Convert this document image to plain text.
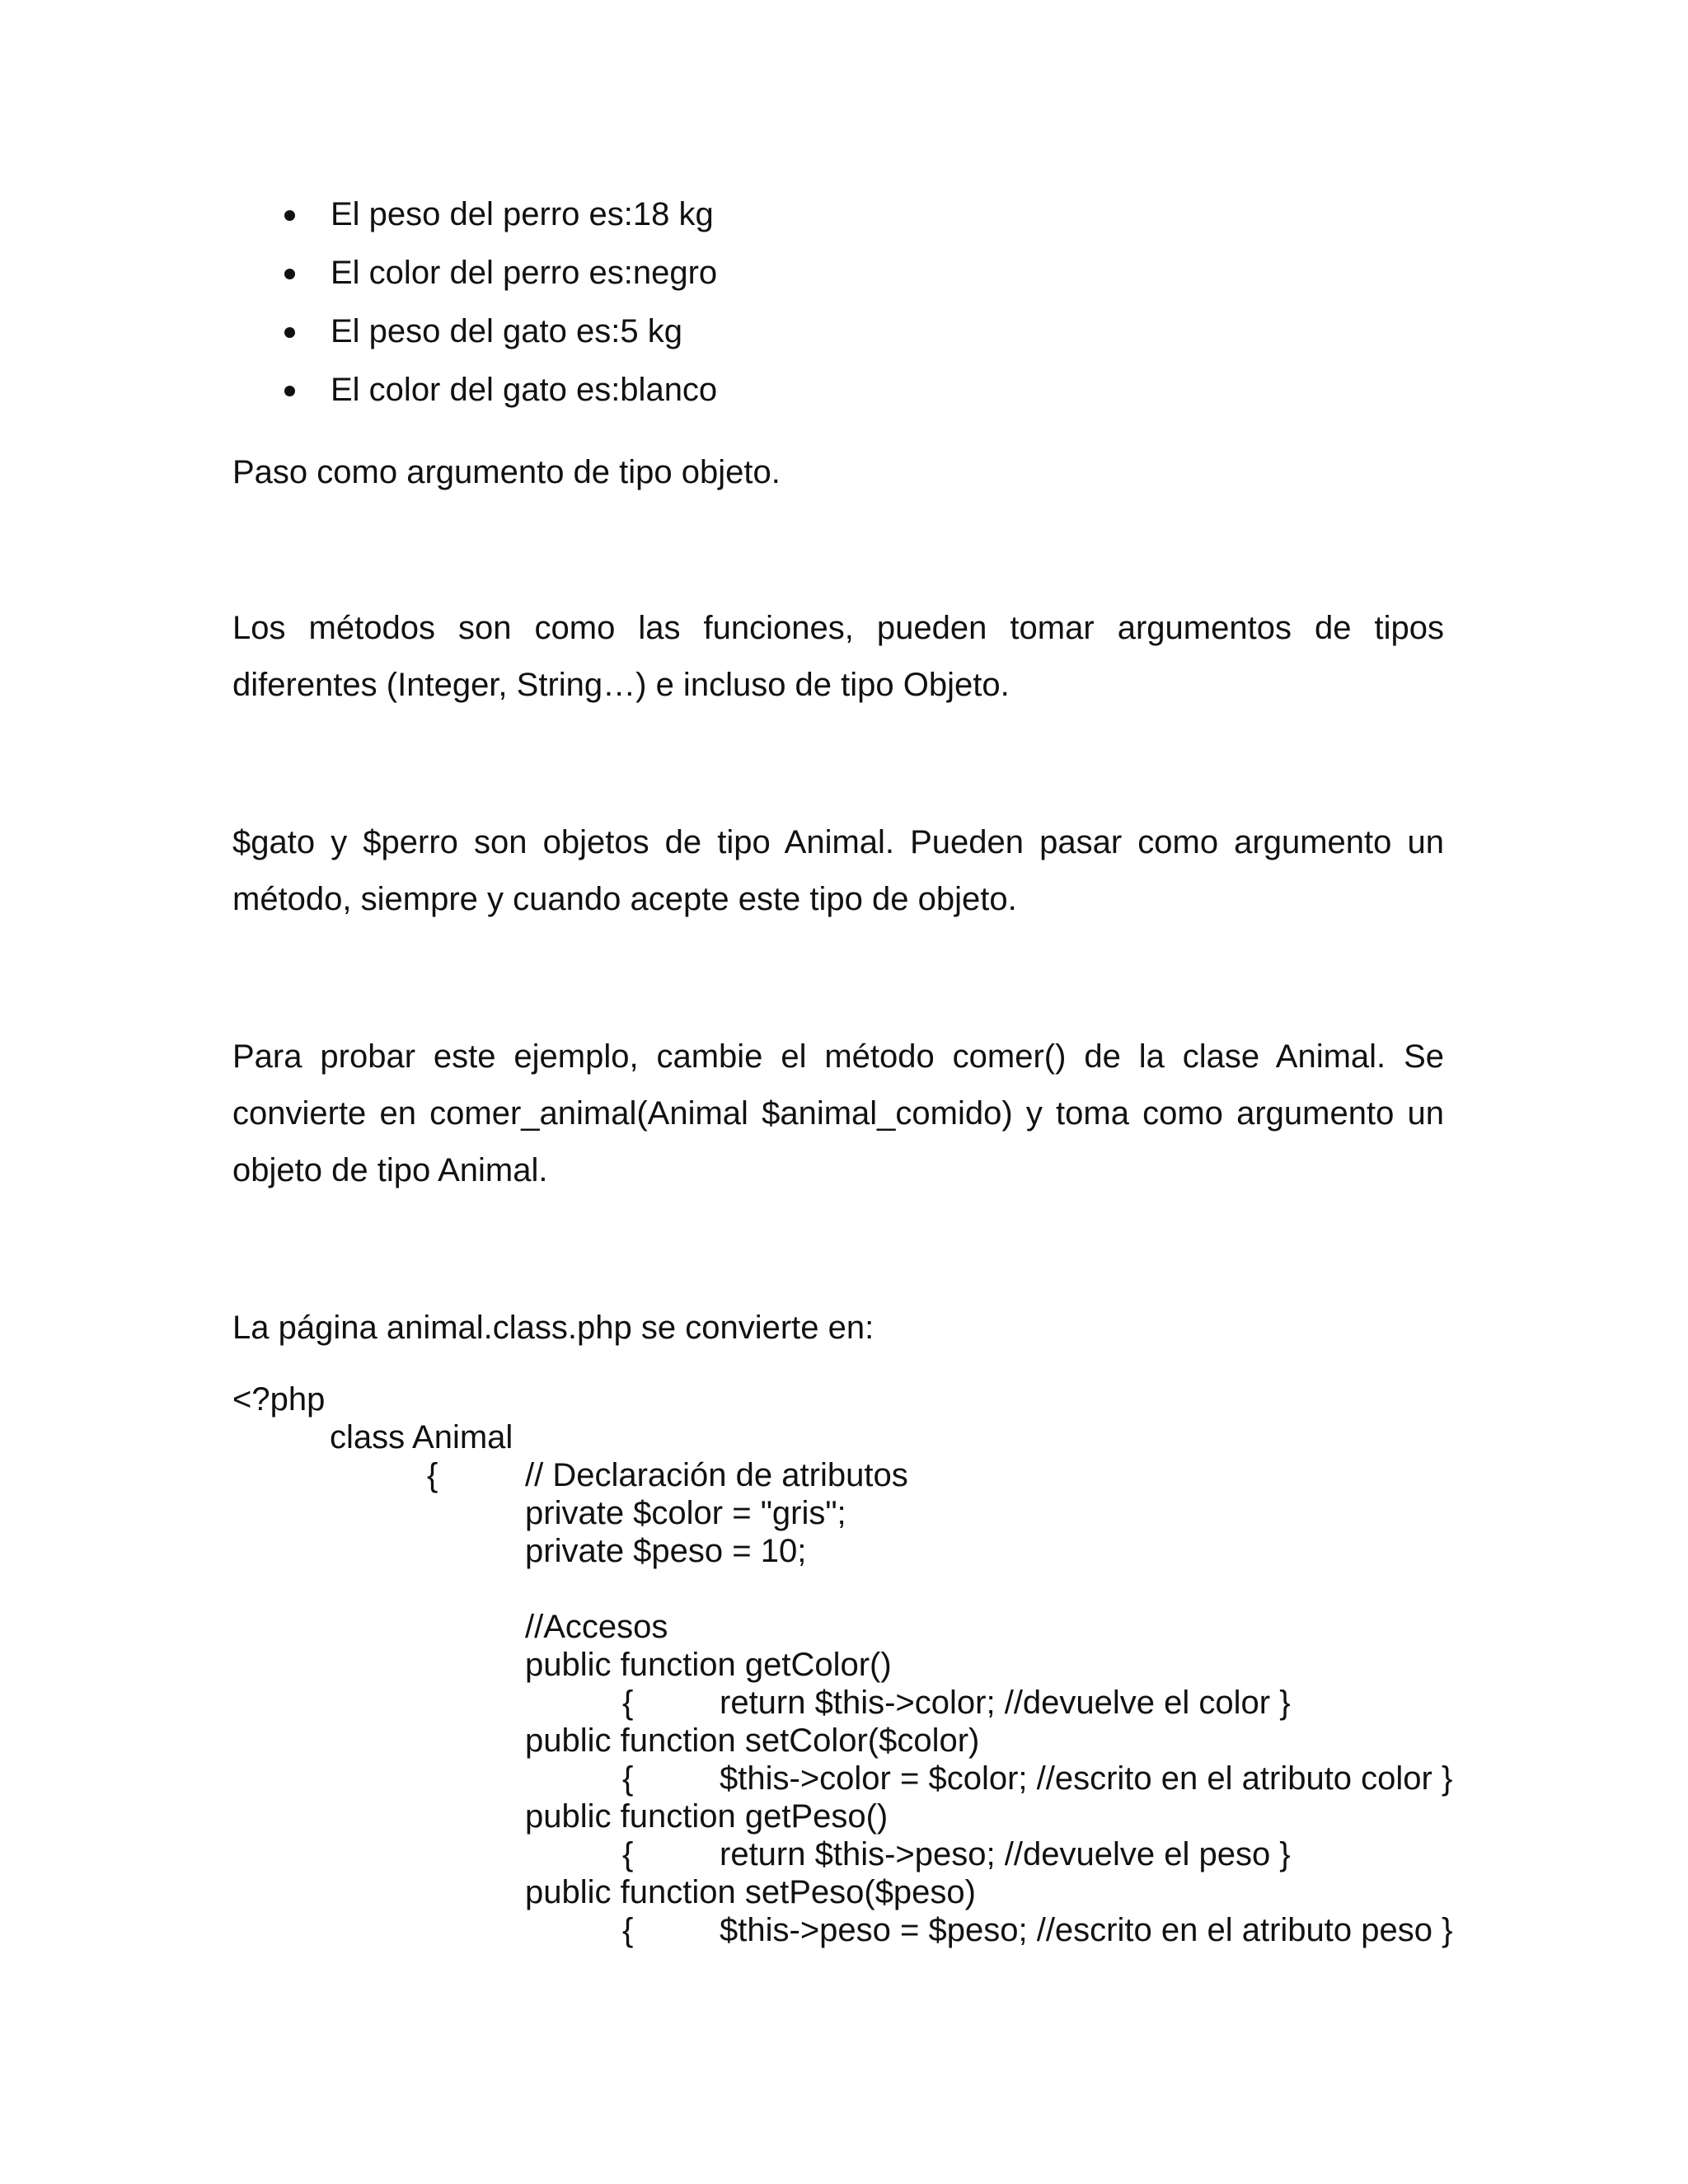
El peso del perro es:18 kg
El color del perro es:negro
El peso del gato es:5 kg
El color del gato es:blanco

Paso como argumento de tipo objeto.

Los métodos son como las funciones, pueden tomar argumentos de tipos diferentes (Integer, String…) e incluso de tipo Objeto.

$gato y $perro son objetos de tipo Animal. Pueden pasar como argumento un método, siempre y cuando acepte este tipo de objeto.

Para probar este ejemplo, cambie el método comer() de la clase Animal. Se convierte en comer_animal(Animal $animal_comido) y toma como argumento un objeto de tipo Animal.

La página animal.class.php se convierte en:

<?php
class Animal
{	// Declaración de atributos
private $color = "gris";
private $peso = 10;
//Accesos
public function getColor()
{	return $this->color; //devuelve el color }
public function setColor($color)
{	$this->color = $color; //escrito en el atributo color }
public function getPeso()
{	return $this->peso; //devuelve el peso }
public function setPeso($peso)
{	$this->peso = $peso; //escrito en el atributo peso }
